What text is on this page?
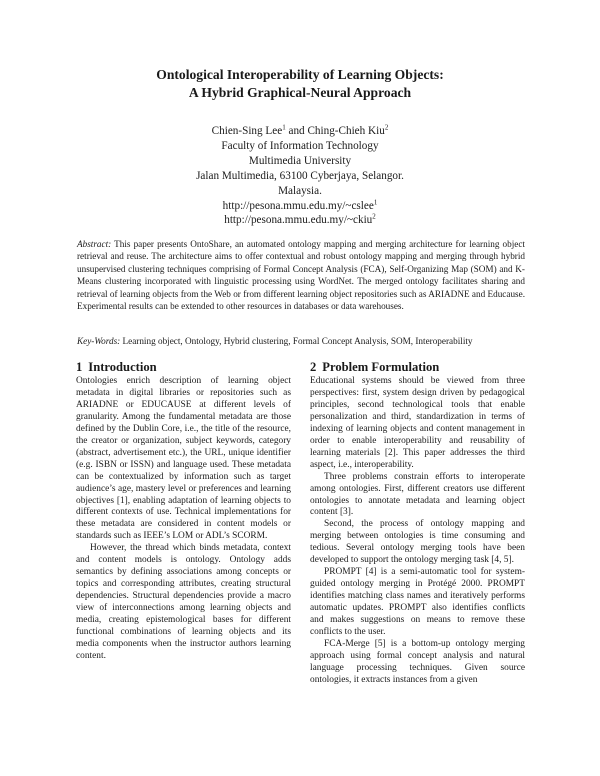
Ontological Interoperability of Learning Objects:
A Hybrid Graphical-Neural Approach
Chien-Sing Lee$^1$ and Ching-Chieh Kiu$^2$
Faculty of Information Technology
Multimedia University
Jalan Multimedia, 63100 Cyberjaya, Selangor.
Malaysia.
http://pesona.mmu.edu.my/~cslee$^1$
http://pesona.mmu.edu.my/~ckiu$^2$
Abstract: This paper presents OntoShare, an automated ontology mapping and merging architecture for learning object retrieval and reuse. The architecture aims to offer contextual and robust ontology mapping and merging through hybrid unsupervised clustering techniques comprising of Formal Concept Analysis (FCA), Self-Organizing Map (SOM) and K-Means clustering incorporated with linguistic processing using WordNet. The merged ontology facilitates sharing and retrieval of learning objects from the Web or from different learning object repositories such as ARIADNE and Educause. Experimental results can be extended to other resources in databases or data warehouses.
Key-Words: Learning object, Ontology, Hybrid clustering, Formal Concept Analysis, SOM, Interoperability
1 Introduction

Ontologies enrich description of learning object metadata in digital libraries or repositories such as ARIADNE or EDUCAUSE at different levels of granularity. Among the fundamental metadata are those defined by the Dublin Core, i.e., the title of the resource, the creator or organization, subject keywords, category (abstract, advertisement etc.), the URL, unique identifier (e.g. ISBN or ISSN) and language used. These metadata can be contextualized by information such as target audience’s age, mastery level or preferences and learning objectives [1], enabling adaptation of learning objects to different contexts of use. Technical implementations for these metadata are considered in content models or standards such as IEEE’s LOM or ADL’s SCORM.

However, the thread which binds metadata, context and content models is ontology. Ontology adds semantics by defining associations among concepts or topics and corresponding attributes, creating structural dependencies. Structural dependencies provide a macro view of interconnections among learning objects and media, creating epistemological bases for different functional combinations of learning objects and its media components when the instructor authors learning content.

2 Problem Formulation

Educational systems should be viewed from three perspectives: first, system design driven by pedagogical principles, second technological tools that enable personalization and third, standardization in terms of indexing of learning objects and content management in order to enable interoperability and reusability of learning materials [2]. This paper addresses the third aspect, i.e., interoperability.

Three problems constrain efforts to interoperate among ontologies. First, different creators use different ontologies to annotate metadata and learning object content [3].

Second, the process of ontology mapping and merging between ontologies is time consuming and tedious. Several ontology merging tools have been developed to support the ontology merging task [4, 5].

PROMPT [4] is a semi-automatic tool for system-guided ontology merging in Protégé 2000. PROMPT identifies matching class names and iteratively performs automatic updates. PROMPT also identifies conflicts and makes suggestions on means to remove these conflicts to the user.

FCA-Merge [5] is a bottom-up ontology merging approach using formal concept analysis and natural language processing techniques. Given source ontologies, it extracts instances from a given
